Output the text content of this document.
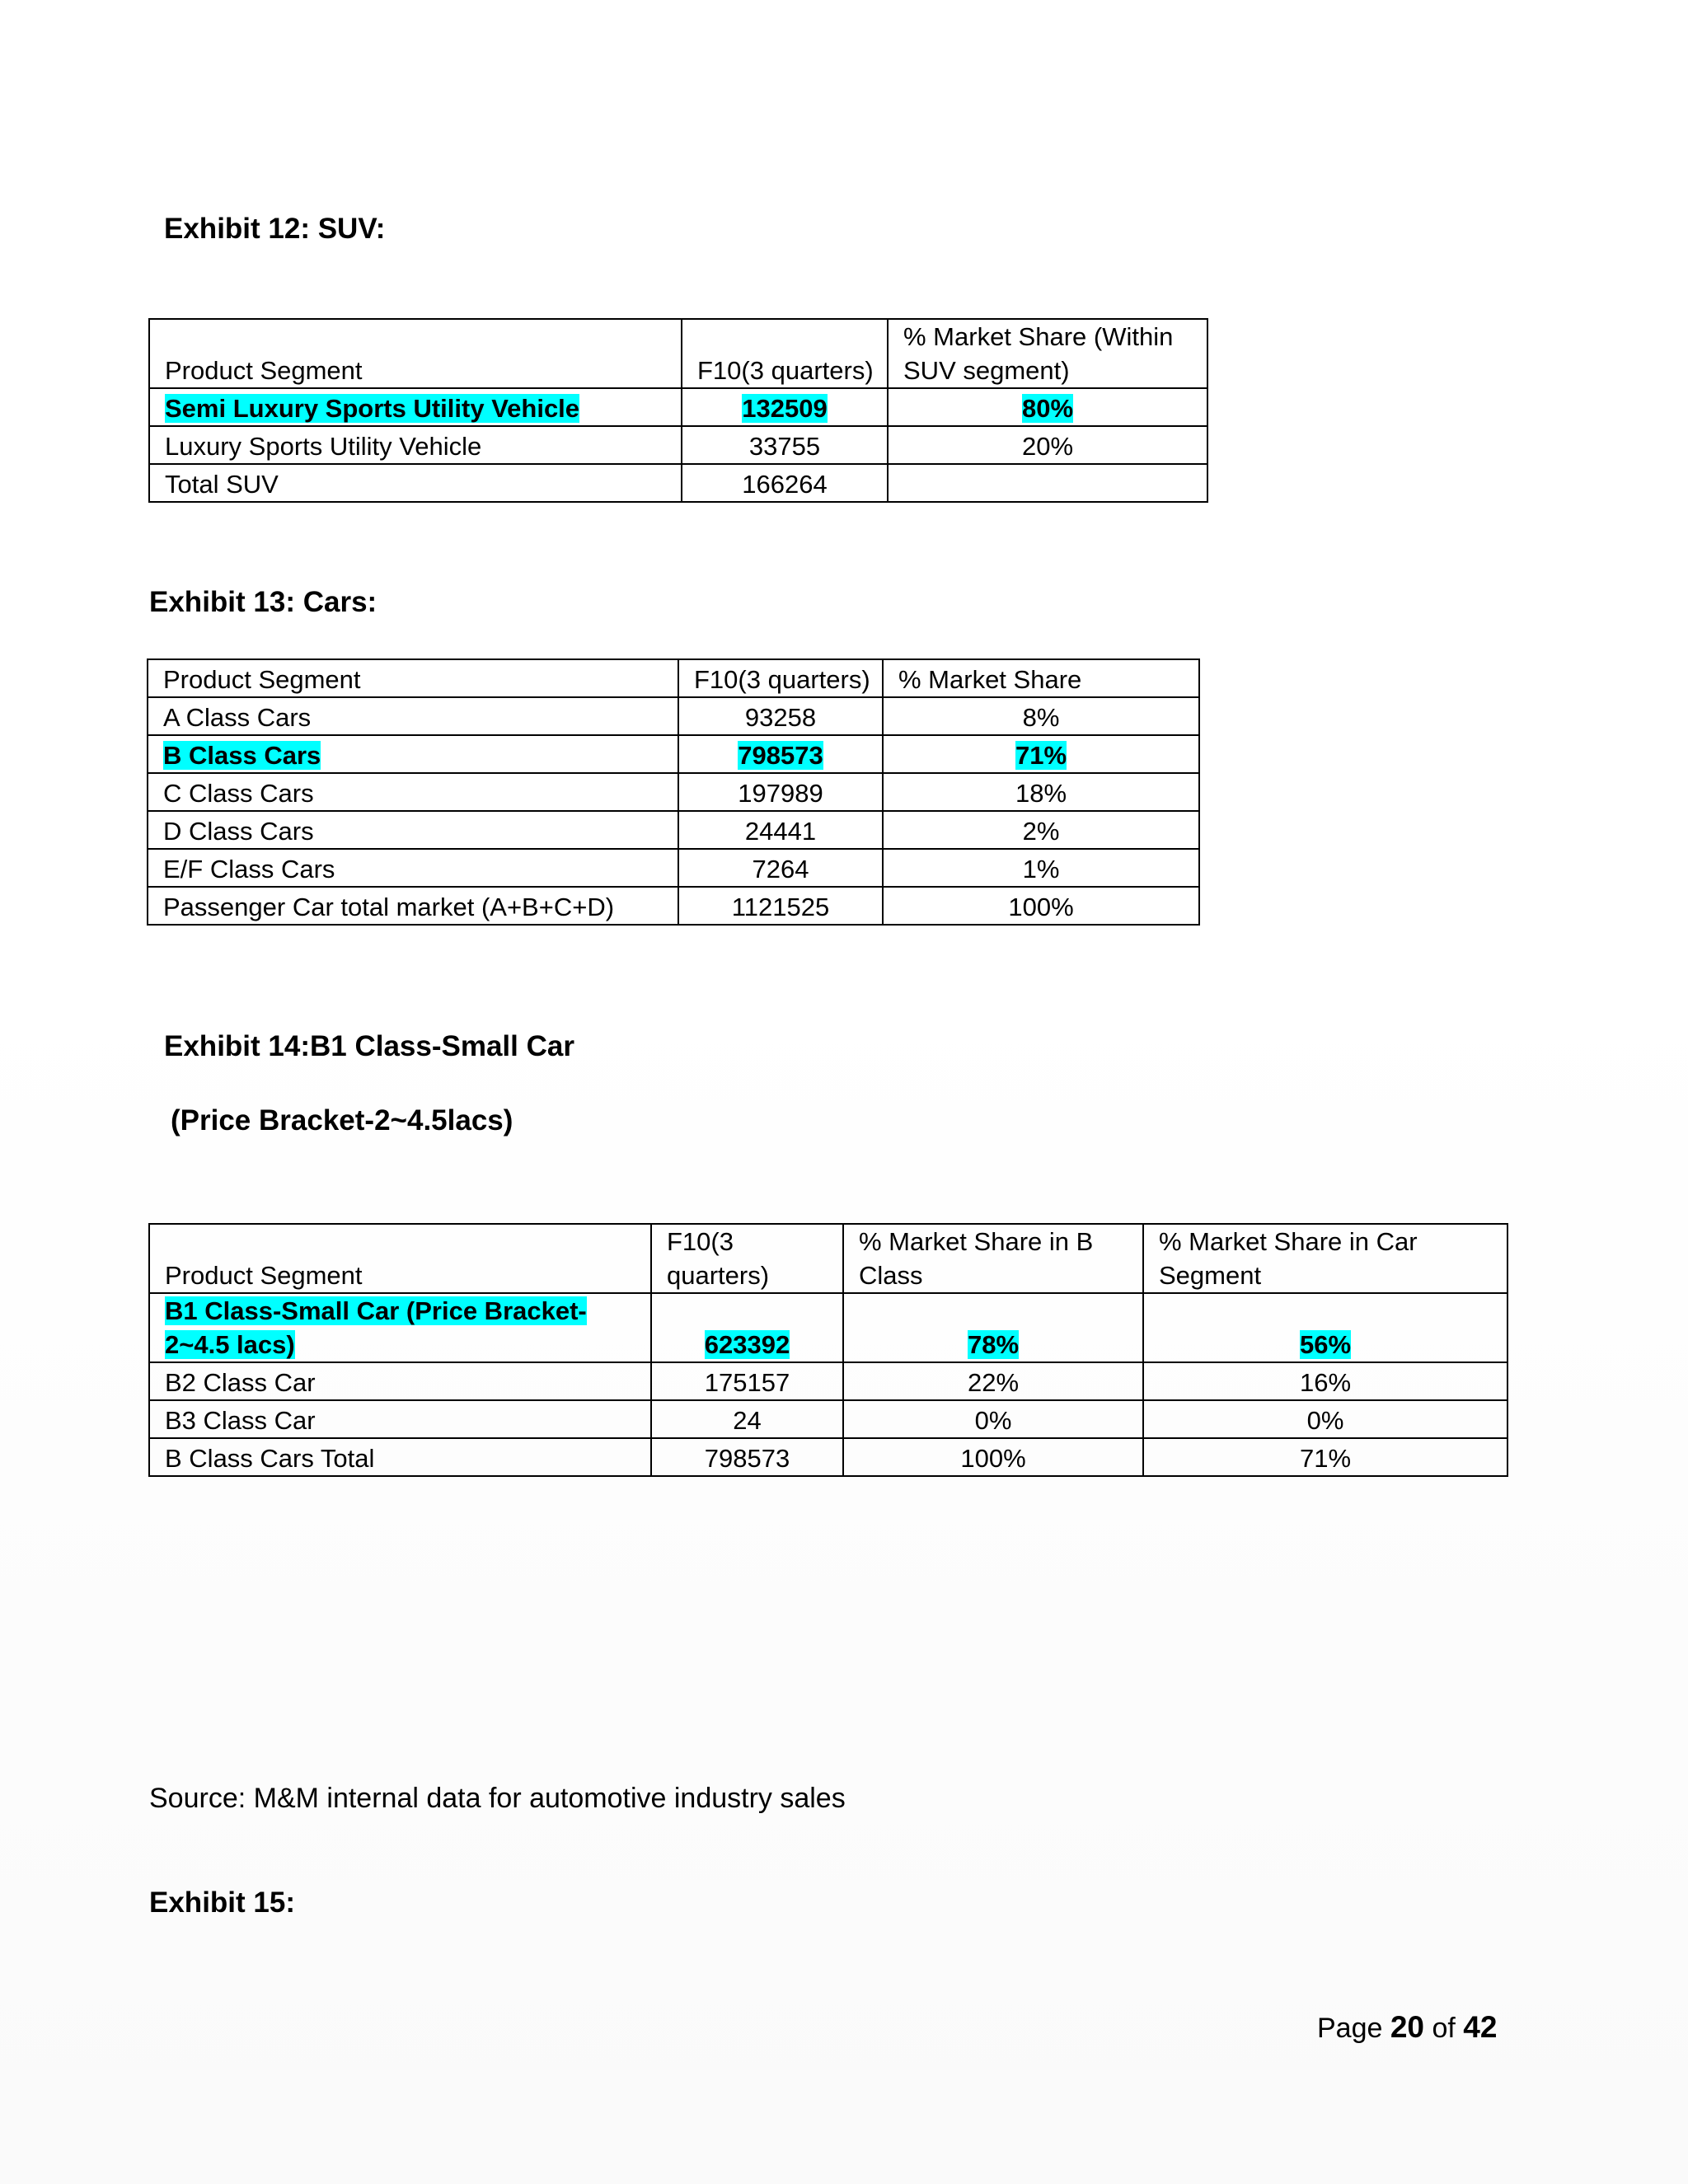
Exhibit 12: SUV:
Product Segment	F10(3 quarters)	% Market Share (Within SUV segment)
Semi Luxury Sports Utility Vehicle	132509	80%
Luxury Sports Utility Vehicle	33755	20%
Total SUV	166264	
Exhibit 13: Cars:
Product Segment	F10(3 quarters)	% Market Share
A Class Cars	93258	8%
B Class Cars	798573	71%
C Class Cars	197989	18%
D Class Cars	24441	2%
E/F Class Cars	7264	1%
Passenger Car total market (A+B+C+D)	1121525	100%
Exhibit 14:B1 Class-Small Car
(Price Bracket-2~4.5lacs)
Product Segment	F10(3 quarters)	% Market Share in B Class	% Market Share in Car Segment
B1 Class-Small Car (Price Bracket-2~4.5 lacs)	623392	78%	56%
B2 Class Car	175157	22%	16%
B3 Class Car	24	0%	0%
B Class Cars Total	798573	100%	71%

Source: M&M internal data for automotive industry sales

Exhibit 15:
Page 20 of 42
